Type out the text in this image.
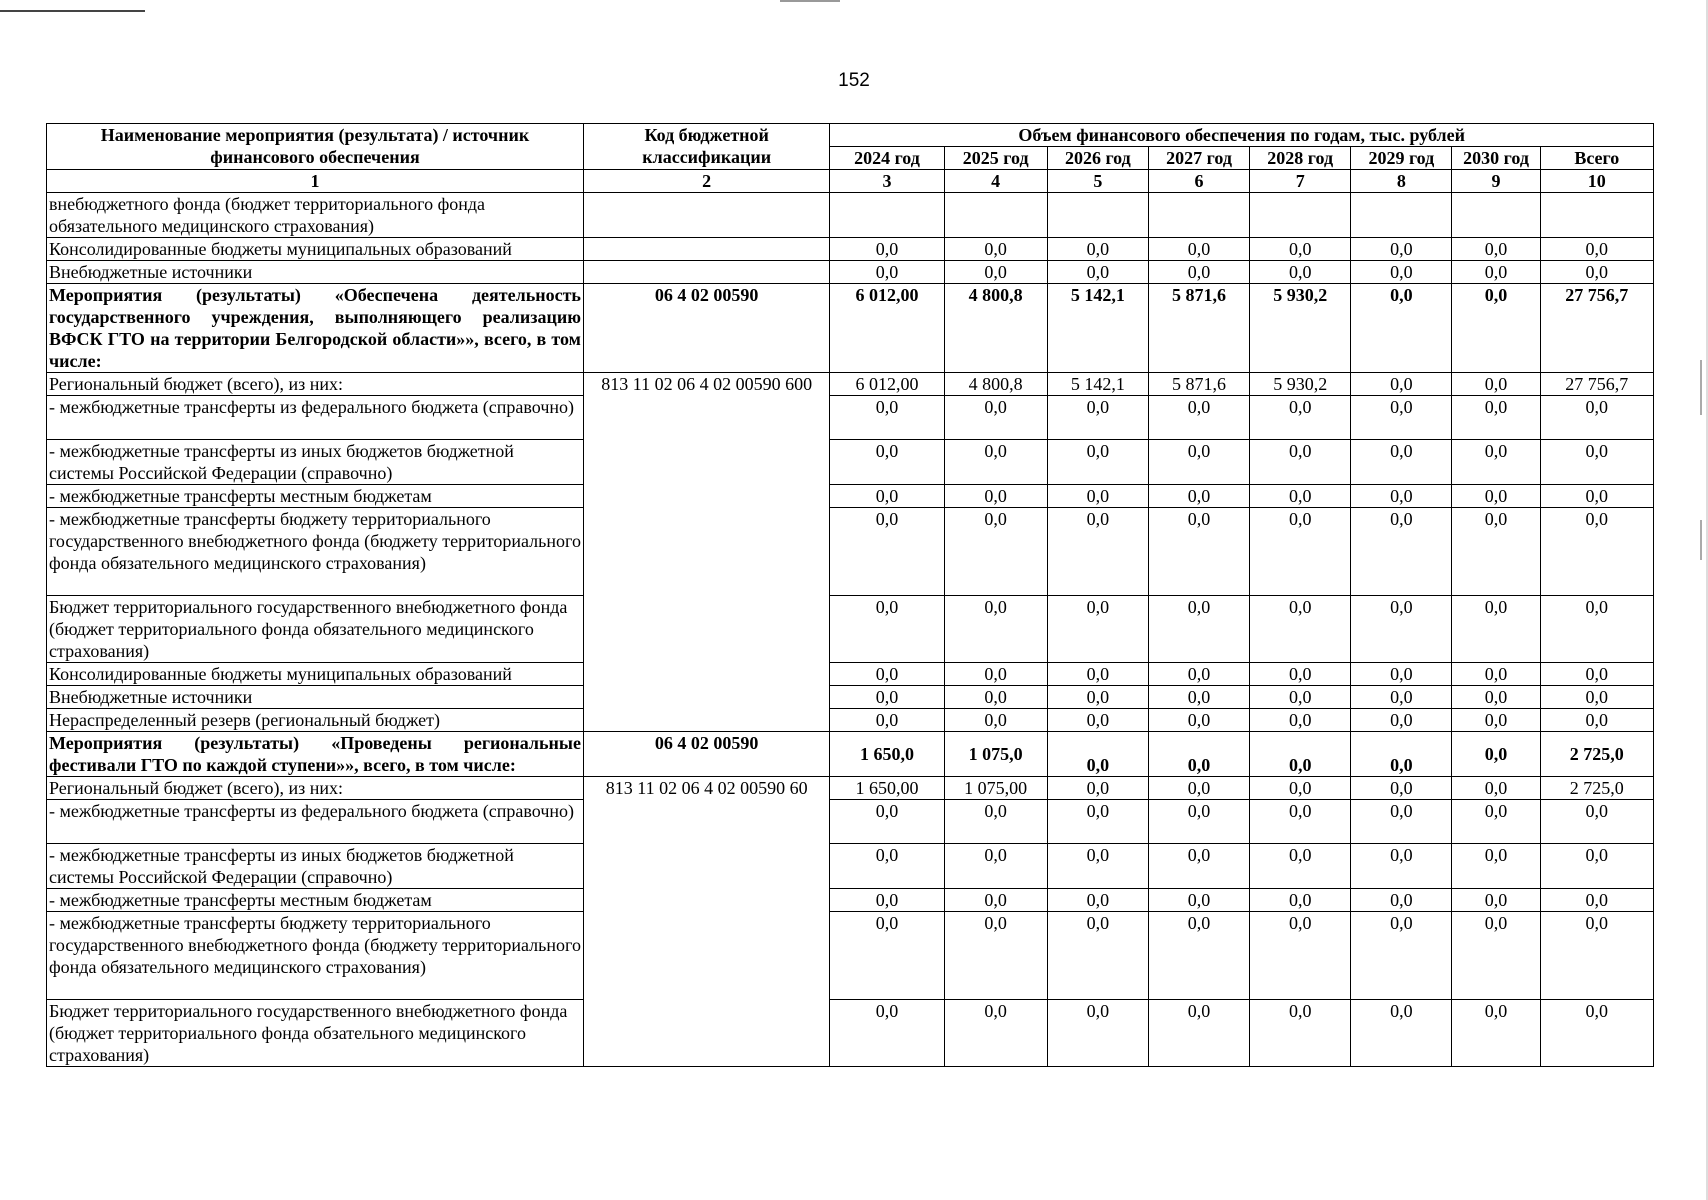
152
Наименование мероприятия (результата) / источник финансового обеспечения	Код бюджетной классификации	Объем финансового обеспечения по годам, тыс. рублей							
		2024 год	2025 год	2026 год	2027 год	2028 год	2029 год	2030 год	Всего
1	2	3	4	5	6	7	8	9	10
внебюджетного фонда (бюджет территориального фонда обязательного медицинского страхования)									
Консолидированные бюджеты муниципальных образований		0,0	0,0	0,0	0,0	0,0	0,0	0,0	0,0
Внебюджетные источники		0,0	0,0	0,0	0,0	0,0	0,0	0,0	0,0
Мероприятия (результаты) «Обеспечена деятельность государственного учреждения, выполняющего реализацию ВФСК ГТО на территории Белгородской области»», всего, в том числе:	06 4 02 00590	6 012,00	4 800,8	5 142,1	5 871,6	5 930,2	0,0	0,0	27 756,7
Региональный бюджет (всего), из них:	813 11 02 06 4 02 00590 600	6 012,00	4 800,8	5 142,1	5 871,6	5 930,2	0,0	0,0	27 756,7
- межбюджетные трансферты из федерального бюджета (справочно)		0,0	0,0	0,0	0,0	0,0	0,0	0,0	0,0
- межбюджетные трансферты из иных бюджетов бюджетной системы Российской Федерации (справочно)		0,0	0,0	0,0	0,0	0,0	0,0	0,0	0,0
- межбюджетные трансферты местным бюджетам		0,0	0,0	0,0	0,0	0,0	0,0	0,0	0,0
- межбюджетные трансферты бюджету территориального государственного внебюджетного фонда (бюджету территориального фонда обязательного медицинского страхования)		0,0	0,0	0,0	0,0	0,0	0,0	0,0	0,0
Бюджет территориального государственного внебюджетного фонда (бюджет территориального фонда обязательного медицинского страхования)		0,0	0,0	0,0	0,0	0,0	0,0	0,0	0,0
Консолидированные бюджеты муниципальных образований		0,0	0,0	0,0	0,0	0,0	0,0	0,0	0,0
Внебюджетные источники		0,0	0,0	0,0	0,0	0,0	0,0	0,0	0,0
Нераспределенный резерв (региональный бюджет)		0,0	0,0	0,0	0,0	0,0	0,0	0,0	0,0
Мероприятия (результаты) «Проведены региональные фестивали ГТО по каждой ступени»», всего, в том числе:	06 4 02 00590	1 650,0	1 075,0	0,0	0,0	0,0	0,0	0,0	2 725,0
Региональный бюджет (всего), из них:	813 11 02 06 4 02 00590 60	1 650,00	1 075,00	0,0	0,0	0,0	0,0	0,0	2 725,0
- межбюджетные трансферты из федерального бюджета (справочно)		0,0	0,0	0,0	0,0	0,0	0,0	0,0	0,0
- межбюджетные трансферты из иных бюджетов бюджетной системы Российской Федерации (справочно)		0,0	0,0	0,0	0,0	0,0	0,0	0,0	0,0
- межбюджетные трансферты местным бюджетам		0,0	0,0	0,0	0,0	0,0	0,0	0,0	0,0
- межбюджетные трансферты бюджету территориального государственного внебюджетного фонда (бюджету территориального фонда обязательного медицинского страхования)		0,0	0,0	0,0	0,0	0,0	0,0	0,0	0,0
Бюджет территориального государственного внебюджетного фонда (бюджет территориального фонда обзательного медицинского страхования)		0,0	0,0	0,0	0,0	0,0	0,0	0,0	0,0
